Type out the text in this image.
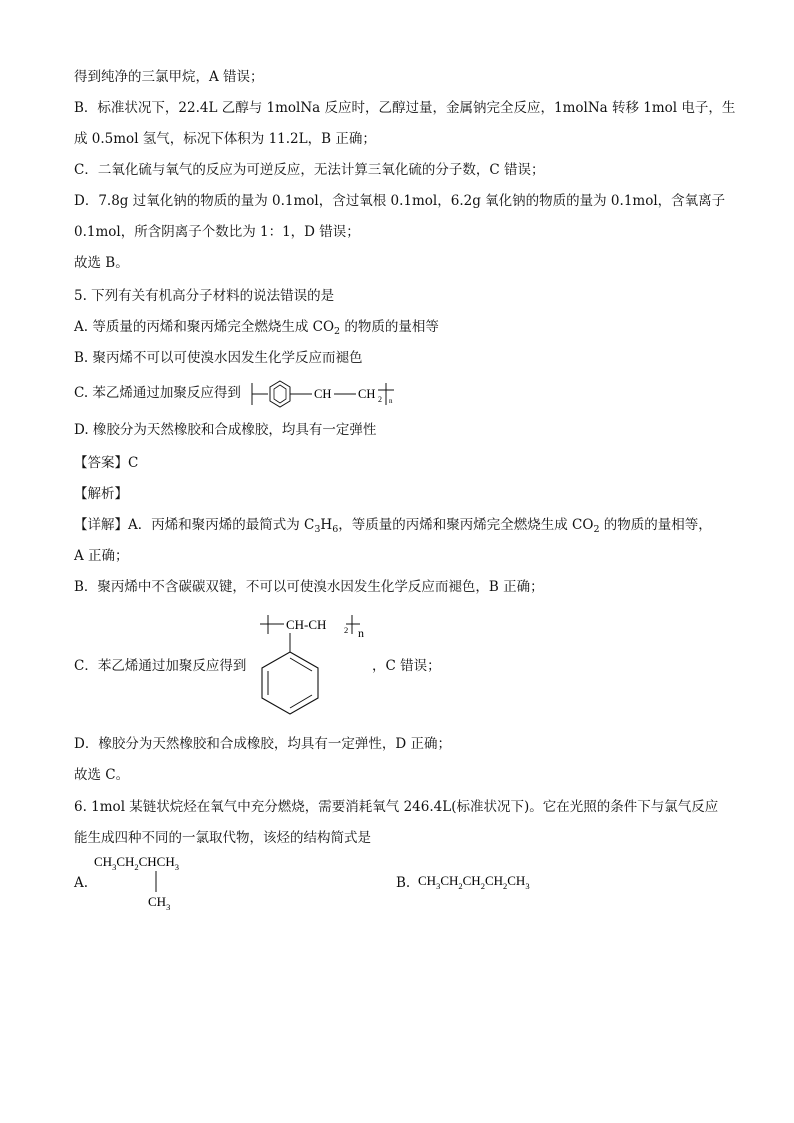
得到纯净的三氯甲烷，A 错误；
B．标准状况下，22.4L 乙醇与 1molNa 反应时，乙醇过量，金属钠完全反应，1molNa 转移 1mol 电子，生
成 0.5mol 氢气，标况下体积为 11.2L，B 正确；
C．二氧化硫与氧气的反应为可逆反应，无法计算三氧化硫的分子数，C 错误；
D．7.8g 过氧化钠的物质的量为 0.1mol，含过氧根 0.1mol，6.2g 氧化钠的物质的量为 0.1mol，含氧离子
0.1mol，所含阴离子个数比为 1：1，D 错误；
故选 B。
5. 下列有关有机高分子材料的说法错误的是
A. 等质量的丙烯和聚丙烯完全燃烧生成 $CO_2$ 的物质的量相等
B. 聚丙烯不可以可使溴水因发生化学反应而褪色
C. 苯乙烯通过加聚反应得到	CH CH 2 n
D. 橡胶分为天然橡胶和合成橡胶，均具有一定弹性
【答案】C
【解析】
【详解】A．丙烯和聚丙烯的最简式为 $C_3H_6$，等质量的丙烯和聚丙烯完全燃烧生成 $CO_2$ 的物质的量相等，
A 正确；
B．聚丙烯中不含碳碳双键，不可以可使溴水因发生化学反应而褪色，B 正确；
CH-CH 2 n
C．苯乙烯通过加聚反应得到	，C 错误；
D．橡胶分为天然橡胶和合成橡胶，均具有一定弹性，D 正确；
故选 C。
6. 1mol 某链状烷烃在氧气中充分燃烧，需要消耗氧气 246.4L(标准状况下)。它在光照的条件下与氯气反应
能生成四种不同的一氯取代物，该烃的结构简式是
A.
$CH_3CH_2CHCH_3$
$CH_3$
B. $CH_3CH_2CH_2CH_2CH_3$
